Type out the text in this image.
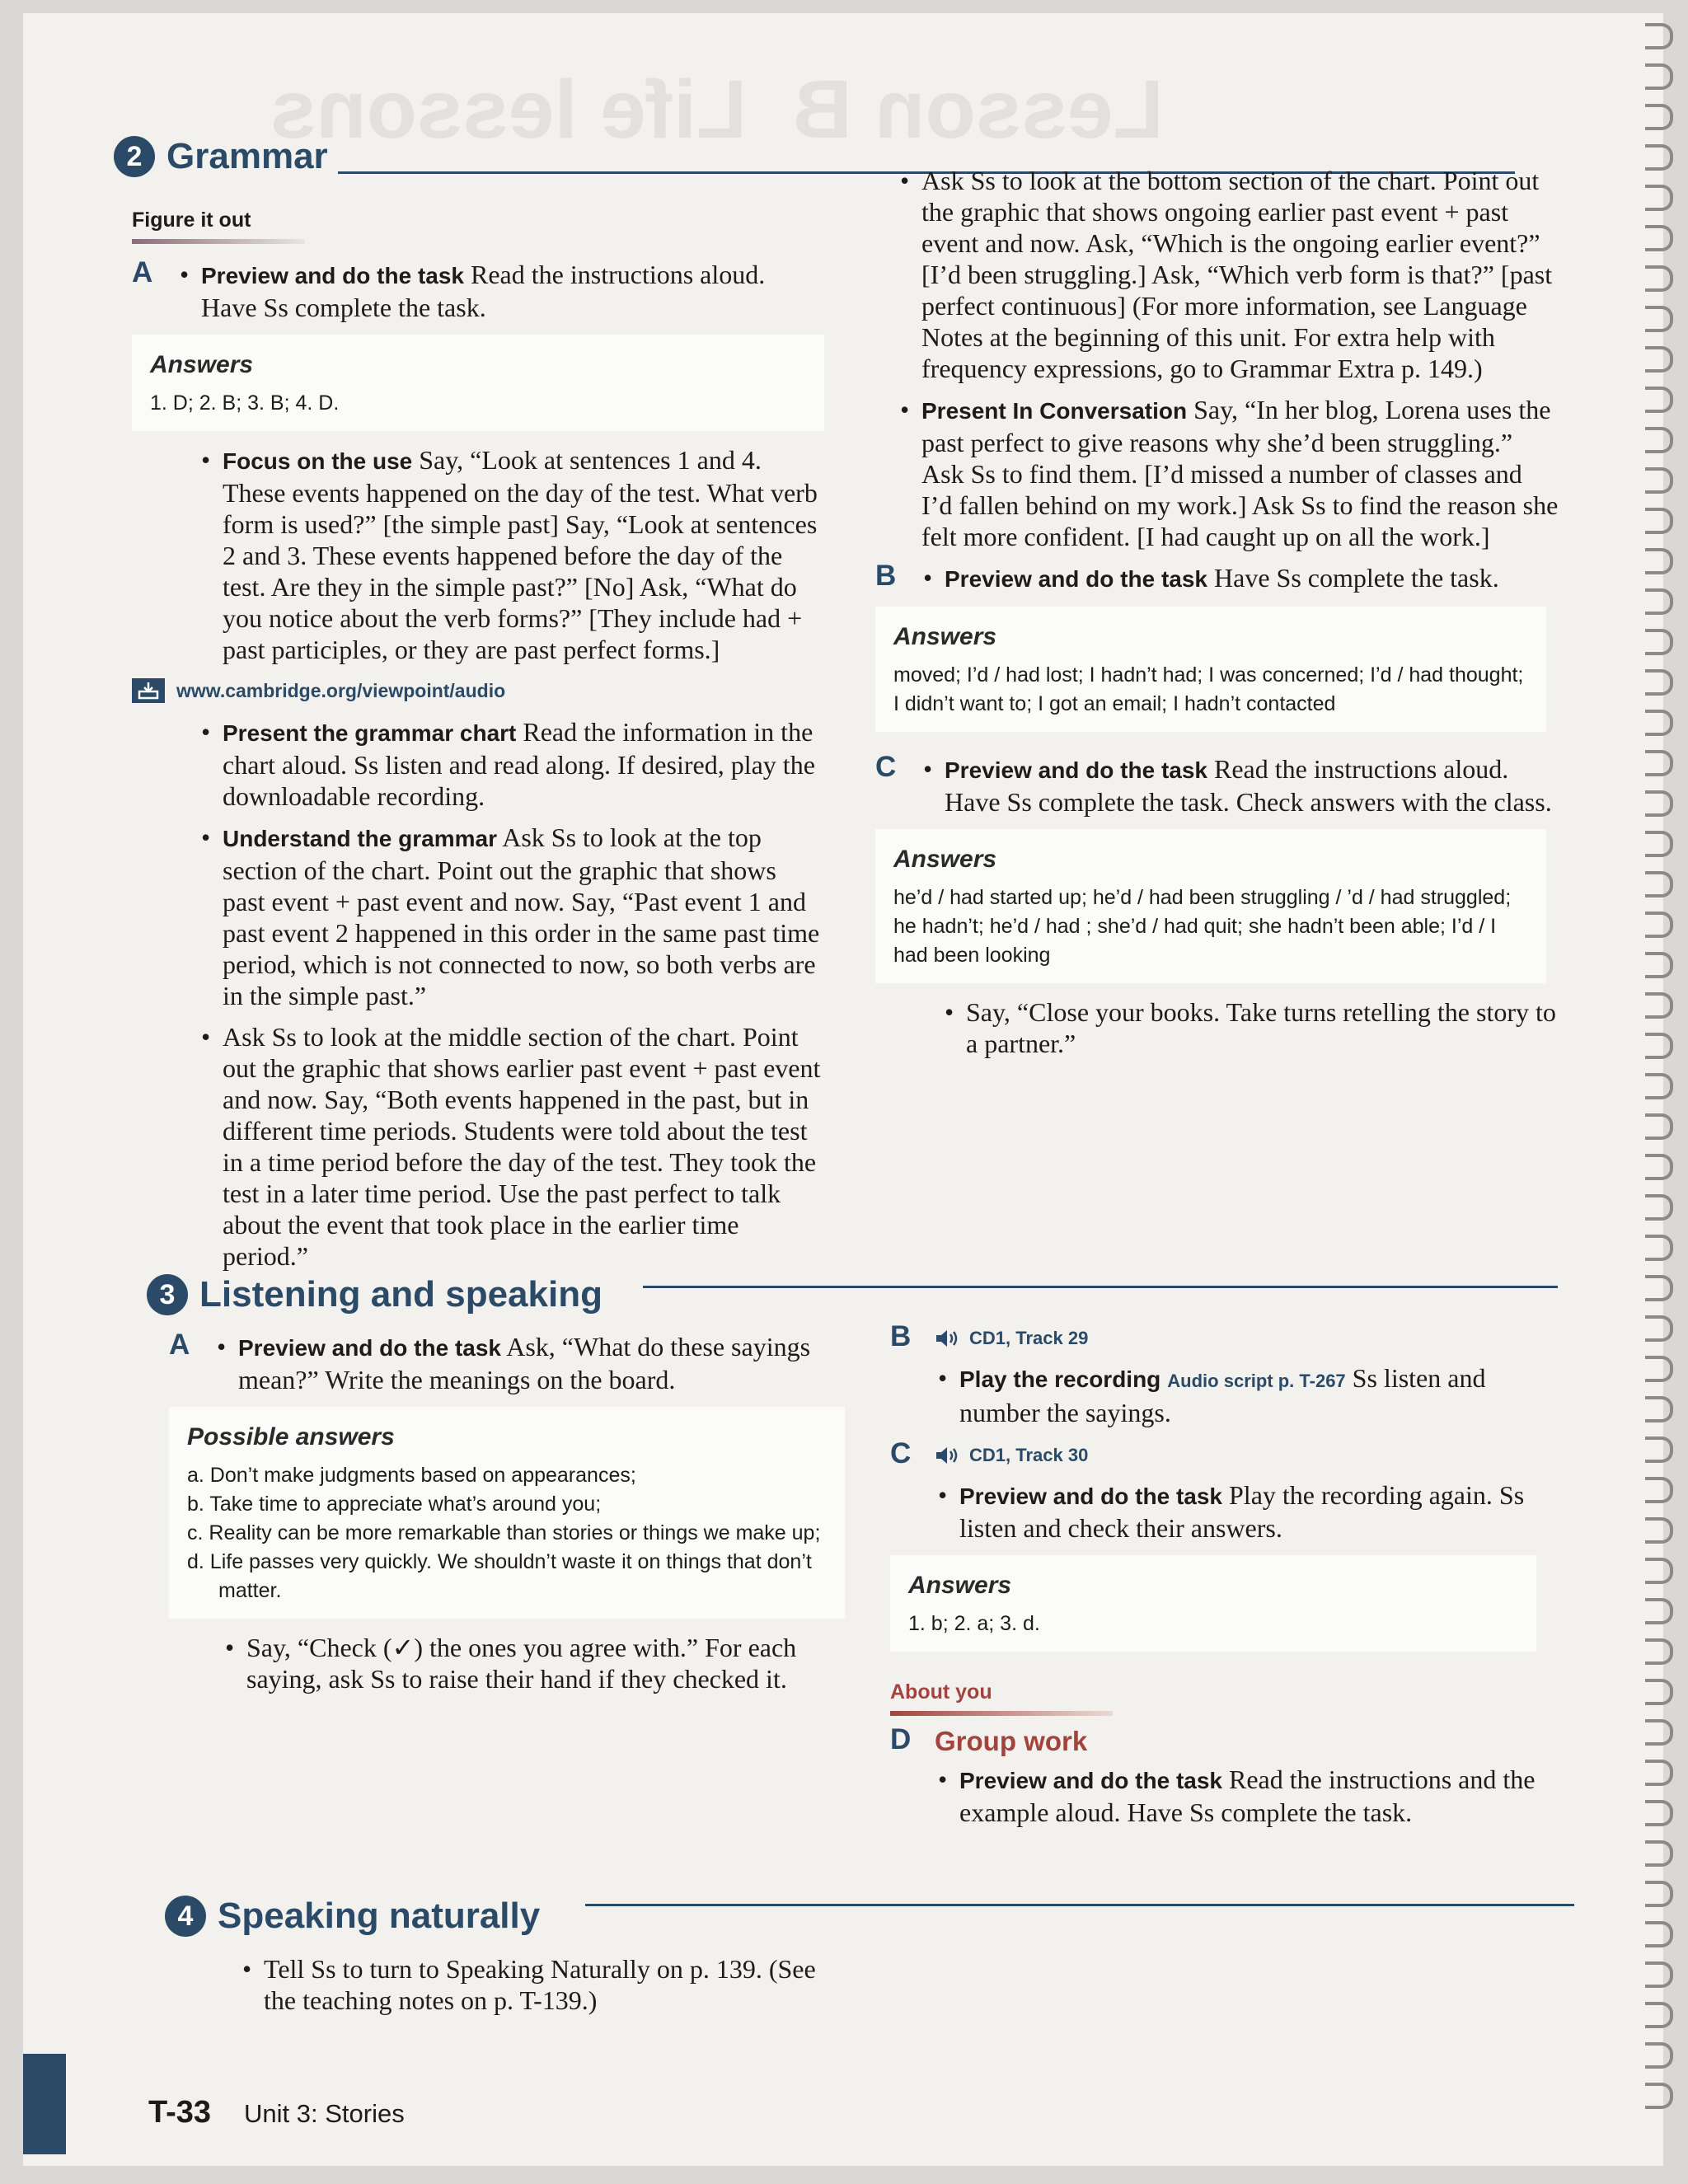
Lesson B  Life lessons
2 Grammar
Figure it out
A	• Preview and do the task Read the instructions aloud. Have Ss complete the task.
Answers
1. D; 2. B; 3. B; 4. D.
• Focus on the use Say, “Look at sentences 1 and 4. These events happened on the day of the test. What verb form is used?” [the simple past] Say, “Look at sentences 2 and 3. These events happened before the day of the test. Are they in the simple past?” [No] Ask, “What do you notice about the verb forms?” [They include had + past participles, or they are past perfect forms.]
www.cambridge.org/viewpoint/audio
• Present the grammar chart Read the information in the chart aloud. Ss listen and read along. If desired, play the downloadable recording.
• Understand the grammar Ask Ss to look at the top section of the chart. Point out the graphic that shows past event + past event and now. Say, “Past event 1 and past event 2 happened in this order in the same past time period, which is not connected to now, so both verbs are in the simple past.”
• Ask Ss to look at the middle section of the chart. Point out the graphic that shows earlier past event + past event and now. Say, “Both events happened in the past, but in different time periods. Students were told about the test in a time period before the day of the test. They took the test in a later time period. Use the past perfect to talk about the event that took place in the earlier time period.”
• Ask Ss to look at the bottom section of the chart. Point out the graphic that shows ongoing earlier past event + past event and now. Ask, “Which is the ongoing earlier event?” [I’d been struggling.] Ask, “Which verb form is that?” [past perfect continuous] (For more information, see Language Notes at the beginning of this unit. For extra help with frequency expressions, go to Grammar Extra p. 149.)
• Present In Conversation Say, “In her blog, Lorena uses the past perfect to give reasons why she’d been struggling.” Ask Ss to find them. [I’d missed a number of classes and I’d fallen behind on my work.] Ask Ss to find the reason she felt more confident. [I had caught up on all the work.]
B	• Preview and do the task Have Ss complete the task.
Answers
moved; I’d / had lost; I hadn’t had; I was concerned; I’d / had thought; I didn’t want to; I got an email; I hadn’t contacted
C	• Preview and do the task Read the instructions aloud. Have Ss complete the task. Check answers with the class.
Answers
he’d / had started up; he’d / had been struggling / ’d / had struggled; he hadn’t; he’d / had ; she’d / had quit; she hadn’t been able; I’d / I had been looking
• Say, “Close your books. Take turns retelling the story to a partner.”
3 Listening and speaking
A	• Preview and do the task Ask, “What do these sayings mean?” Write the meanings on the board.
Possible answers
a. Don’t make judgments based on appearances;
b. Take time to appreciate what’s around you;
c. Reality can be more remarkable than stories or things we make up;
d. Life passes very quickly. We shouldn’t waste it on things that don’t matter.
• Say, “Check (✓) the ones you agree with.” For each saying, ask Ss to raise their hand if they checked it.
B	CD1, Track 29
• Play the recording Audio script p. T-267 Ss listen and number the sayings.
C	CD1, Track 30
• Preview and do the task Play the recording again. Ss listen and check their answers.
Answers
1. b; 2. a; 3. d.
About you
D Group work
• Preview and do the task Read the instructions and the example aloud. Have Ss complete the task.
4 Speaking naturally
• Tell Ss to turn to Speaking Naturally on p. 139. (See the teaching notes on p. T-139.)
T-33 Unit 3: Stories
